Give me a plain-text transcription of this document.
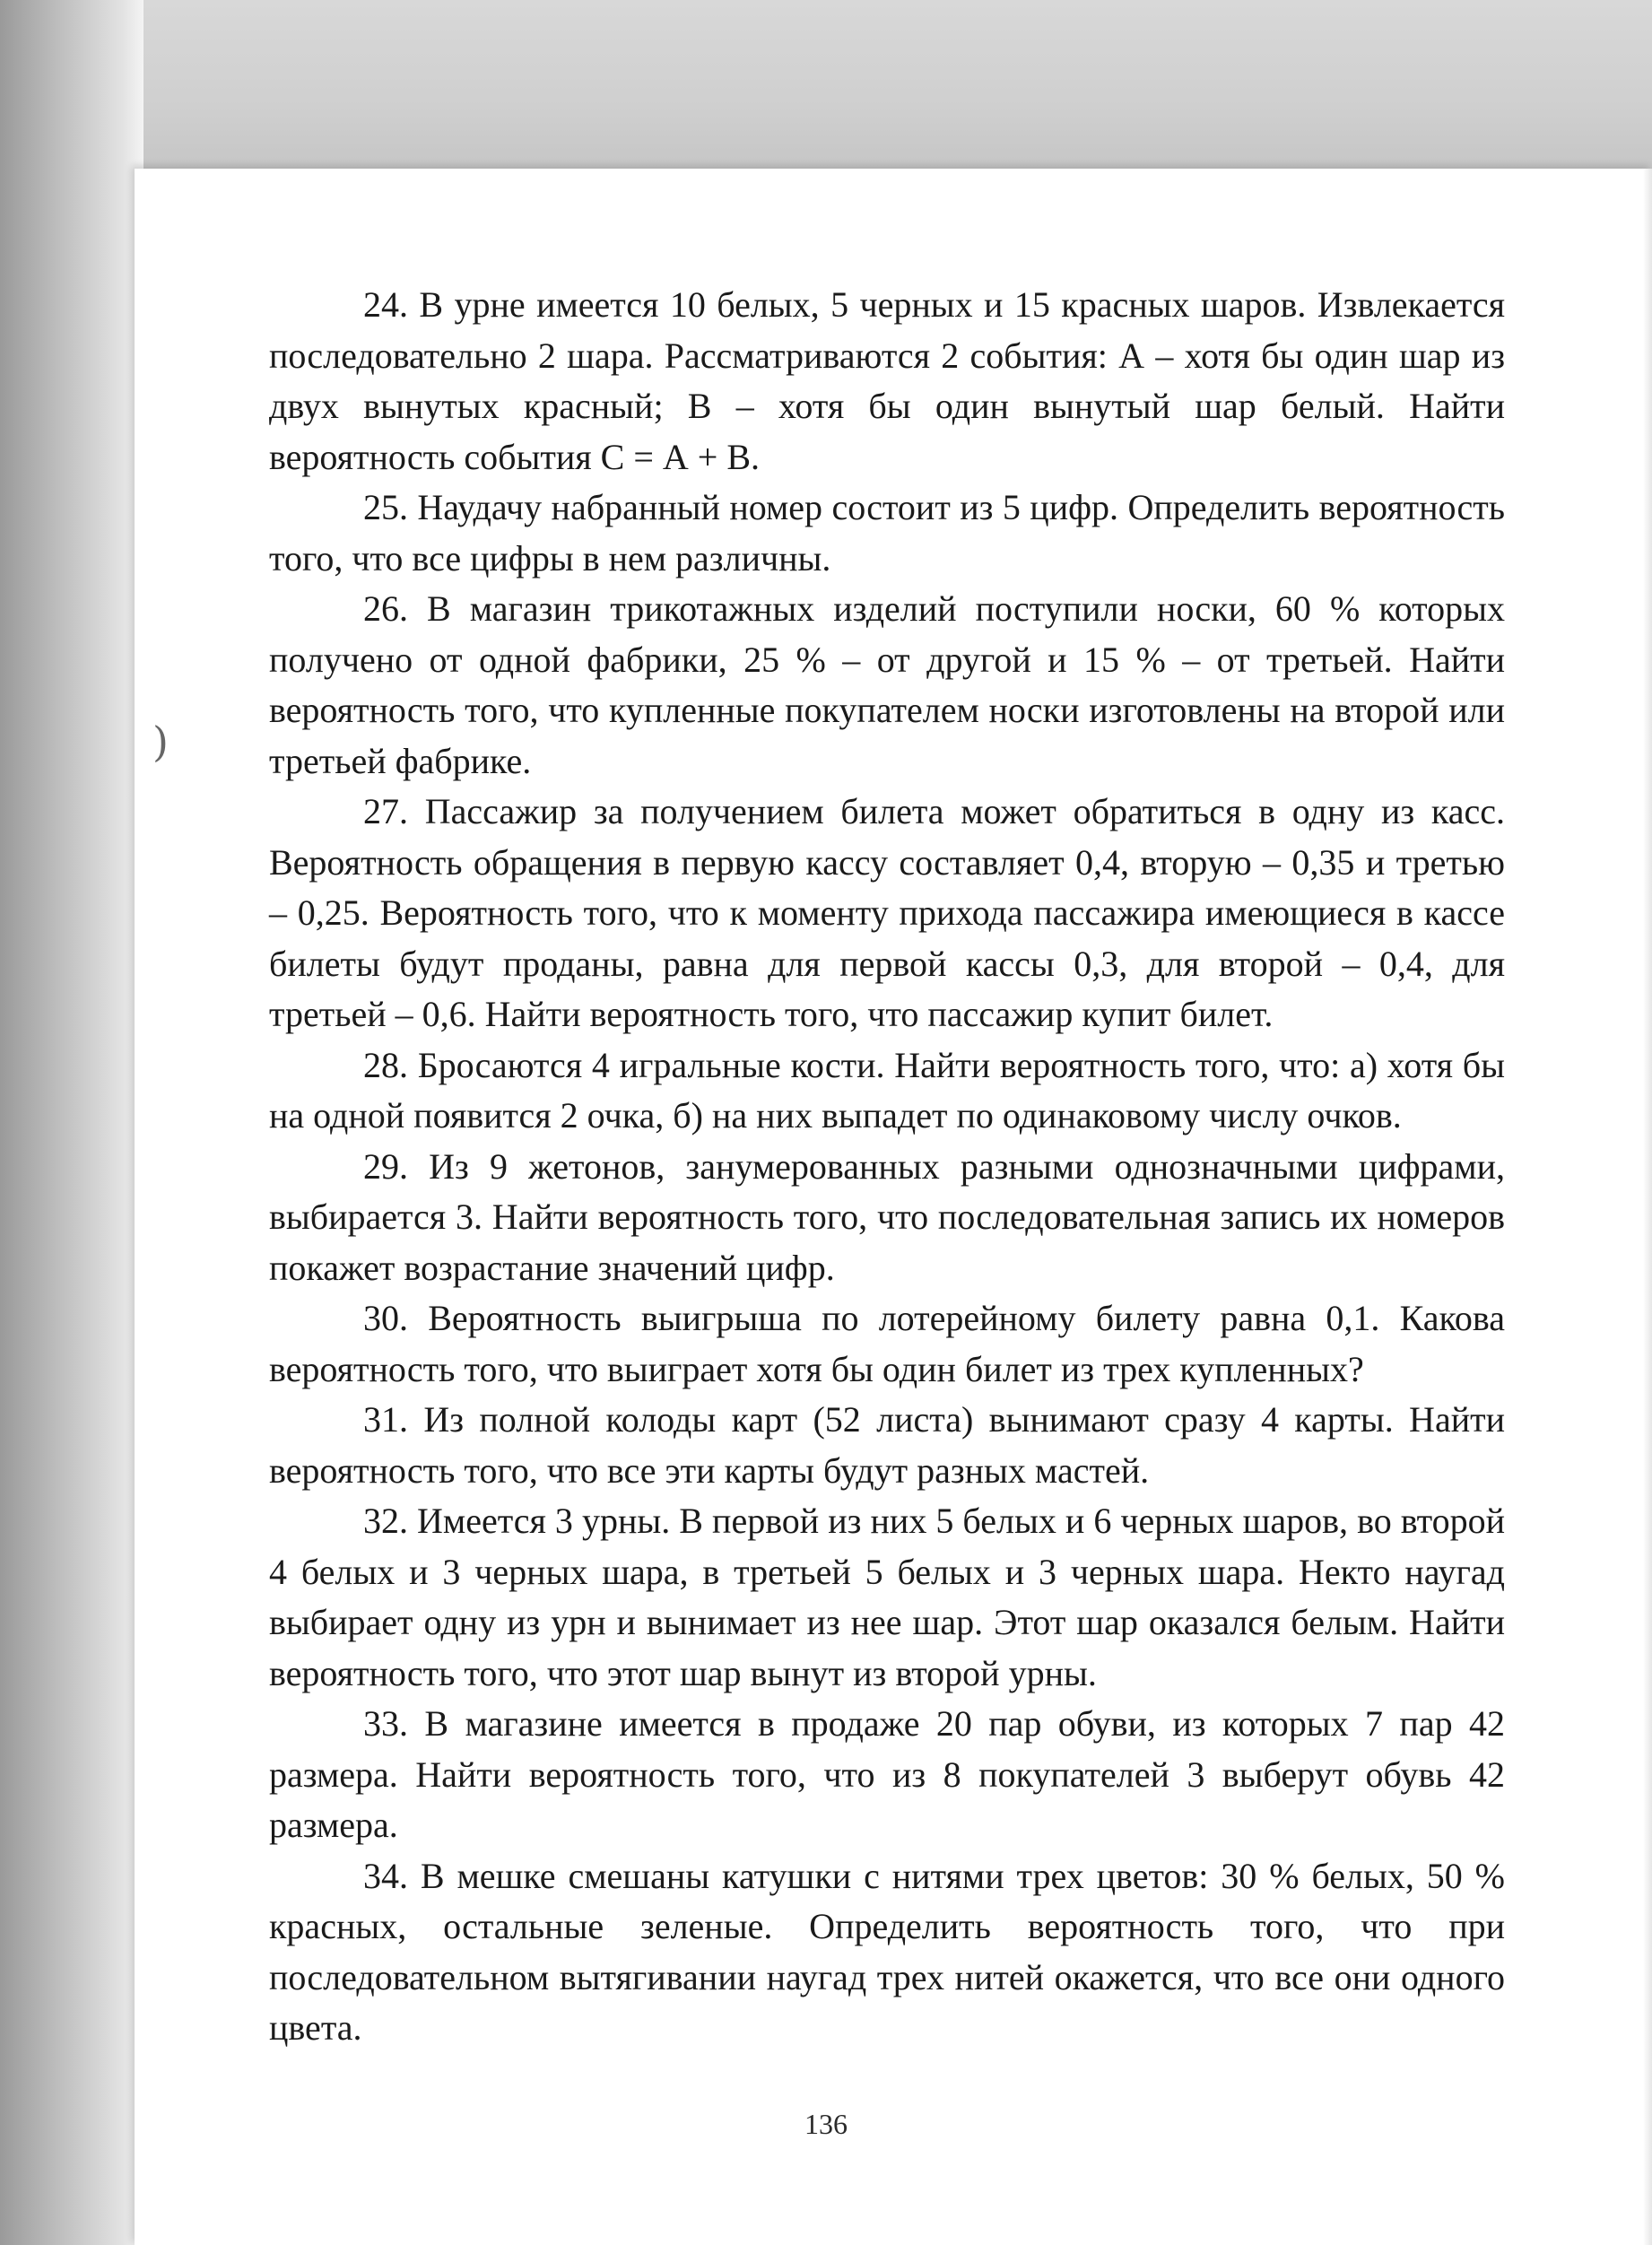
)

24. В урне имеется 10 белых, 5 черных и 15 красных шаров. Извлекается последовательно 2 шара. Рассматриваются 2 события: А – хотя бы один шар из двух вынутых красный; В – хотя бы один вынутый шар белый. Найти вероятность события С = А + В.

25. Наудачу набранный номер состоит из 5 цифр. Определить вероятность того, что все цифры в нем различны.

26. В магазин трикотажных изделий поступили носки, 60 % которых получено от одной фабрики, 25 % – от другой и 15 % – от третьей. Найти вероятность того, что купленные покупателем носки изготовлены на второй или третьей фабрике.

27. Пассажир за получением билета может обратиться в одну из касс. Вероятность обращения в первую кассу составляет 0,4, вторую – 0,35 и третью – 0,25. Вероятность того, что к моменту прихода пассажира имеющиеся в кассе билеты будут проданы, равна для первой кассы 0,3, для второй – 0,4, для третьей – 0,6. Найти вероятность того, что пассажир купит билет.

28. Бросаются 4 игральные кости. Найти вероятность того, что: а) хотя бы на одной появится 2 очка, б) на них выпадет по одинаковому числу очков.

29. Из 9 жетонов, занумерованных разными однозначными цифрами, выбирается 3. Найти вероятность того, что последовательная запись их номеров покажет возрастание значений цифр.

30. Вероятность выигрыша по лотерейному билету равна 0,1. Какова вероятность того, что выиграет хотя бы один билет из трех купленных?

31. Из полной колоды карт (52 листа) вынимают сразу 4 карты. Найти вероятность того, что все эти карты будут разных мастей.

32. Имеется 3 урны. В первой из них 5 белых и 6 черных шаров, во второй 4 белых и 3 черных шара, в третьей 5 белых и 3 черных шара. Некто наугад выбирает одну из урн и вынимает из нее шар. Этот шар оказался белым. Найти вероятность того, что этот шар вынут из второй урны.

33. В магазине имеется в продаже 20 пар обуви, из которых 7 пар 42 размера. Найти вероятность того, что из 8 покупателей 3 выберут обувь 42 размера.

34. В мешке смешаны катушки с нитями трех цветов: 30 % белых, 50 % красных, остальные зеленые. Определить вероятность того, что при последовательном вытягивании наугад трех нитей окажется, что все они одного цвета.

136
